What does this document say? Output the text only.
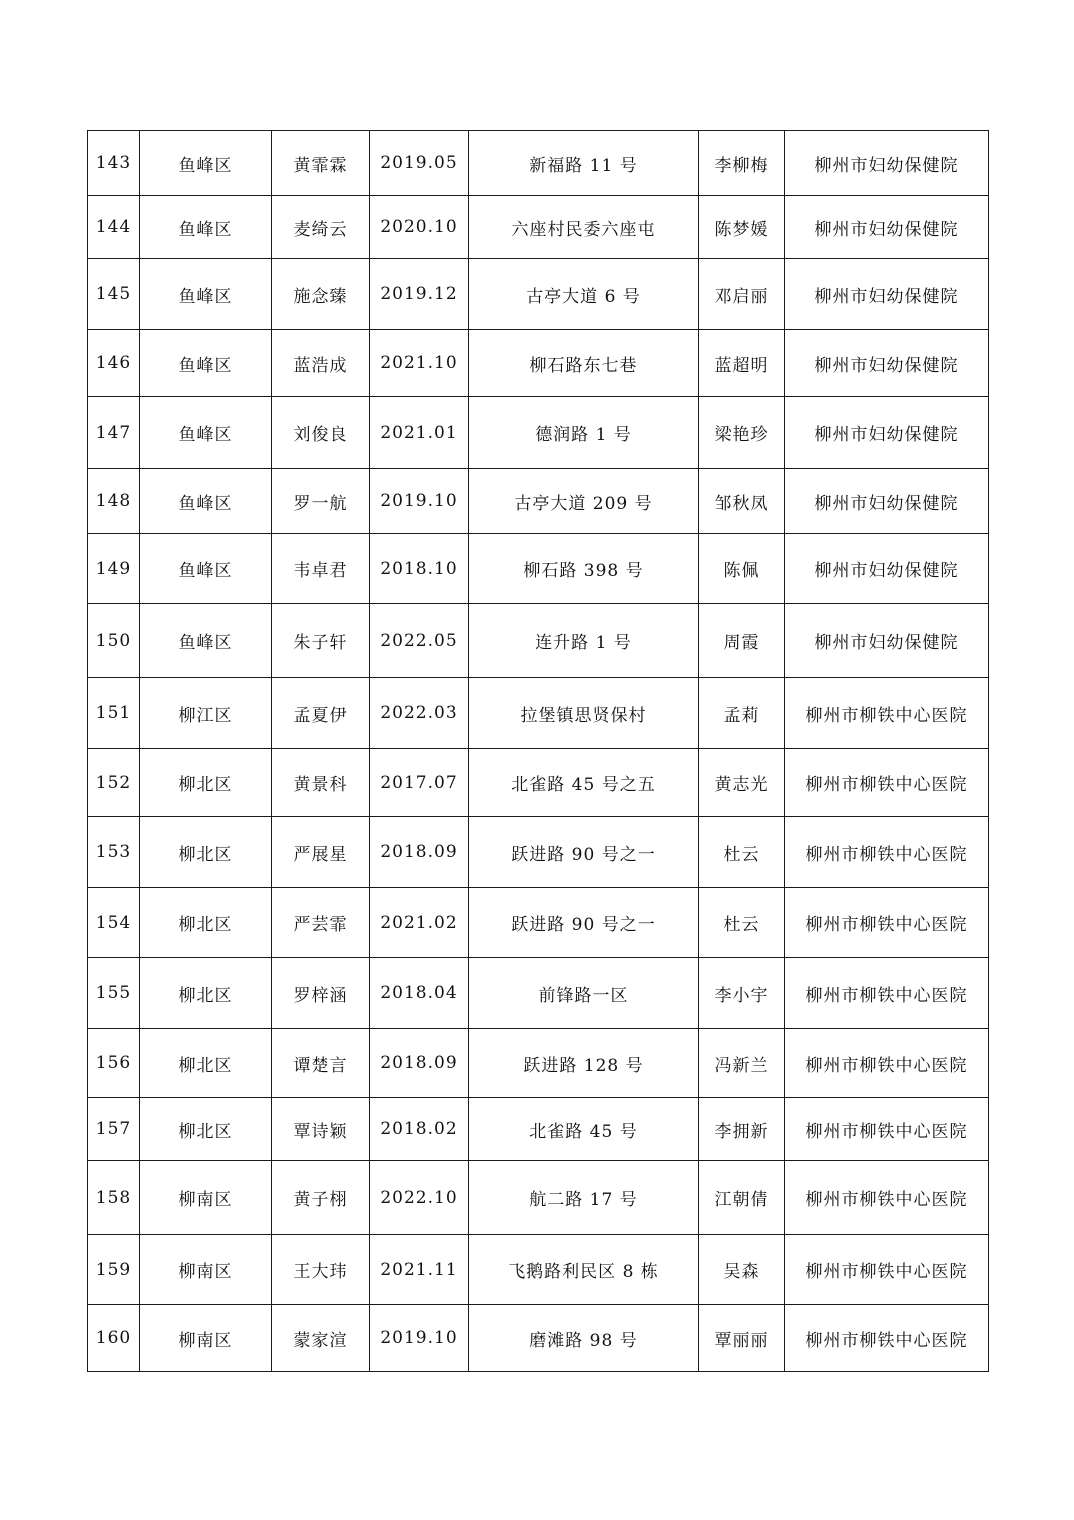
143	鱼峰区	黄霏霖	2019.05	新福路 11 号	李柳梅	柳州市妇幼保健院
144	鱼峰区	麦绮云	2020.10	六座村民委六座屯	陈梦媛	柳州市妇幼保健院
145	鱼峰区	施念臻	2019.12	古亭大道 6 号	邓启丽	柳州市妇幼保健院
146	鱼峰区	蓝浩成	2021.10	柳石路东七巷	蓝超明	柳州市妇幼保健院
147	鱼峰区	刘俊良	2021.01	德润路 1 号	梁艳珍	柳州市妇幼保健院
148	鱼峰区	罗一航	2019.10	古亭大道 209 号	邹秋凤	柳州市妇幼保健院
149	鱼峰区	韦卓君	2018.10	柳石路 398 号	陈佩	柳州市妇幼保健院
150	鱼峰区	朱子轩	2022.05	连升路 1 号	周霞	柳州市妇幼保健院
151	柳江区	孟夏伊	2022.03	拉堡镇思贤保村	孟莉	柳州市柳铁中心医院
152	柳北区	黄景科	2017.07	北雀路 45 号之五	黄志光	柳州市柳铁中心医院
153	柳北区	严展星	2018.09	跃进路 90 号之一	杜云	柳州市柳铁中心医院
154	柳北区	严芸霏	2021.02	跃进路 90 号之一	杜云	柳州市柳铁中心医院
155	柳北区	罗梓涵	2018.04	前锋路一区	李小宇	柳州市柳铁中心医院
156	柳北区	谭楚言	2018.09	跃进路 128 号	冯新兰	柳州市柳铁中心医院
157	柳北区	覃诗颖	2018.02	北雀路 45 号	李拥新	柳州市柳铁中心医院
158	柳南区	黄子栩	2022.10	航二路 17 号	江朝倩	柳州市柳铁中心医院
159	柳南区	王大玮	2021.11	飞鹅路利民区 8 栋	吴森	柳州市柳铁中心医院
160	柳南区	蒙家渲	2019.10	磨滩路 98 号	覃丽丽	柳州市柳铁中心医院
